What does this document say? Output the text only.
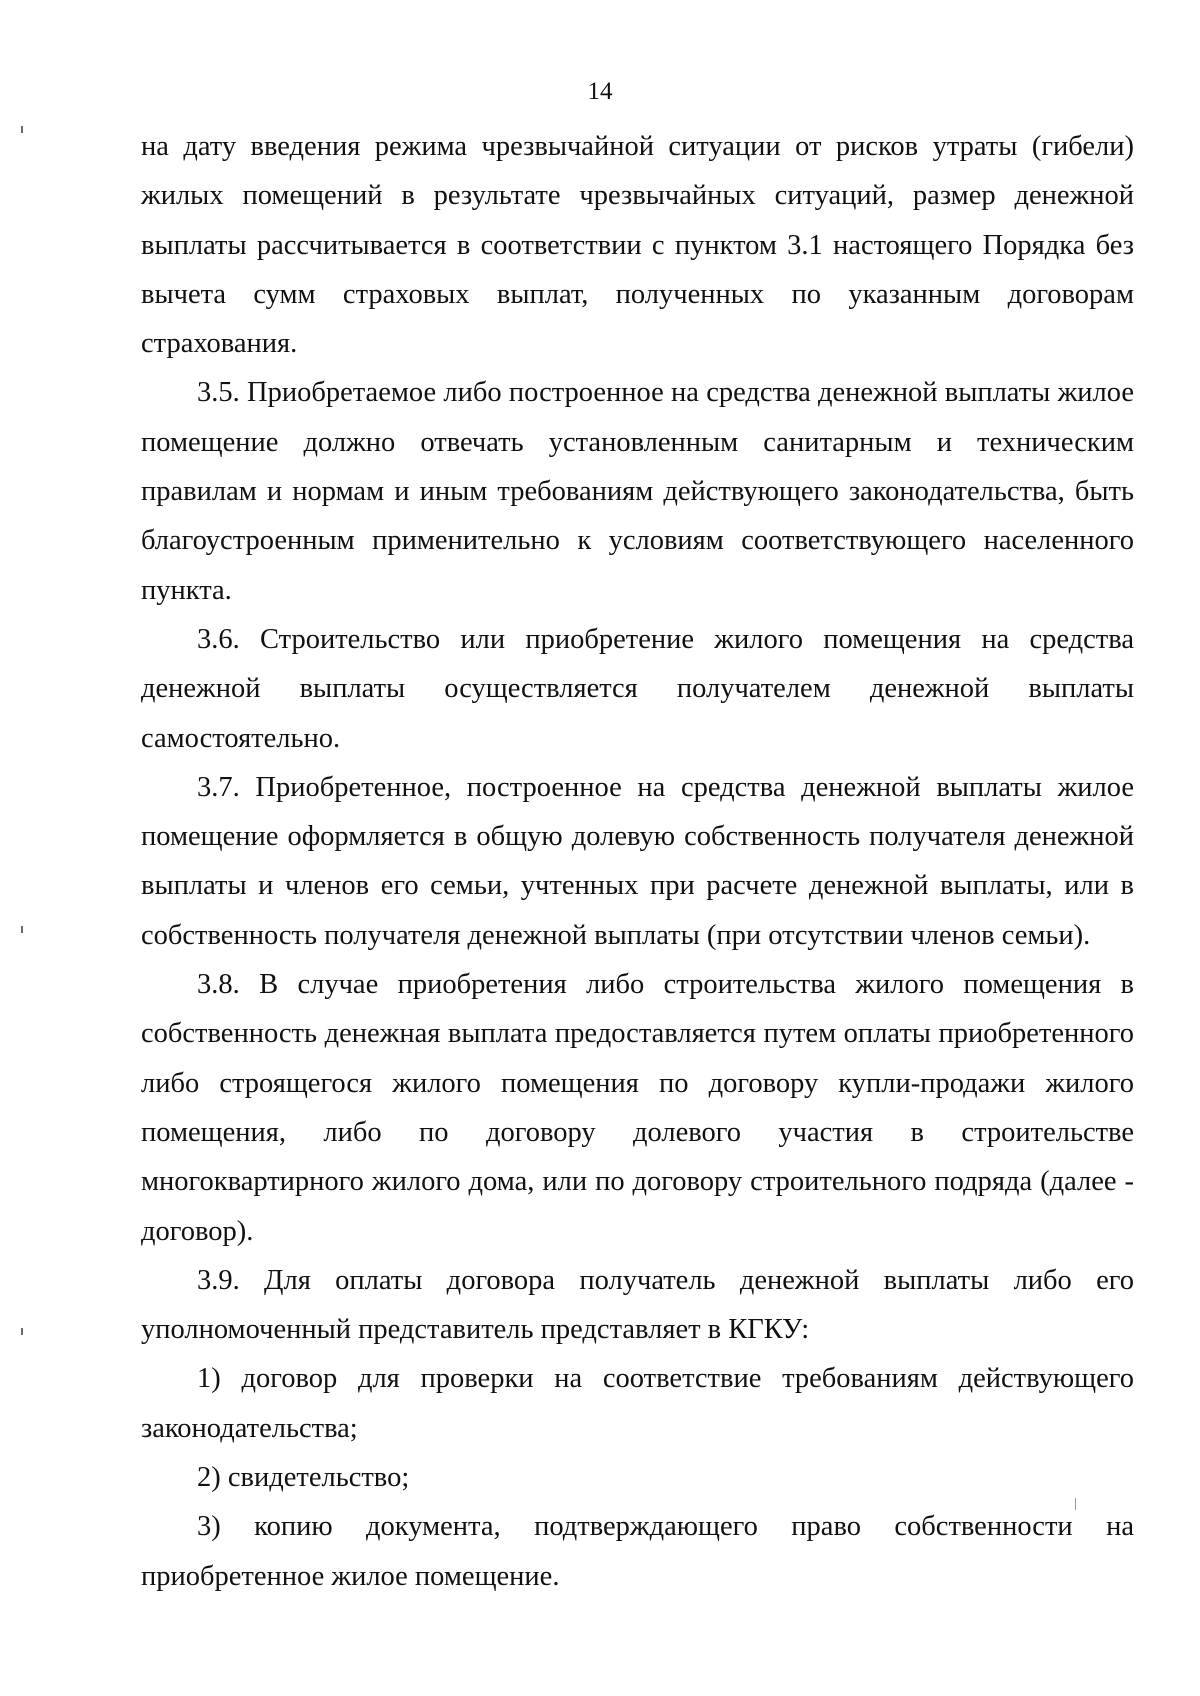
14

на дату введения режима чрезвычайной ситуации от рисков утраты (гибели) жилых помещений в результате чрезвычайных ситуаций, размер денежной выплаты рассчитывается в соответствии с пунктом 3.1 настоящего Порядка без вычета сумм страховых выплат, полученных по указанным договорам страхования.

3.5. Приобретаемое либо построенное на средства денежной выплаты жилое помещение должно отвечать установленным санитарным и техническим правилам и нормам и иным требованиям действующего законодательства, быть благоустроенным применительно к условиям соответствующего населенного пункта.

3.6. Строительство или приобретение жилого помещения на средства денежной выплаты осуществляется получателем денежной выплаты самостоятельно.

3.7. Приобретенное, построенное на средства денежной выплаты жилое помещение оформляется в общую долевую собственность получателя денежной выплаты и членов его семьи, учтенных при расчете денежной выплаты, или в собственность получателя денежной выплаты (при отсутствии членов семьи).

3.8. В случае приобретения либо строительства жилого помещения в собственность денежная выплата предоставляется путем оплаты приобретенного либо строящегося жилого помещения по договору купли-продажи жилого помещения, либо по договору долевого участия в строительстве многоквартирного жилого дома, или по договору строительного подряда (далее - договор).

3.9. Для оплаты договора получатель денежной выплаты либо его уполномоченный представитель представляет в КГКУ:

1) договор для проверки на соответствие требованиям действующего законодательства;

2) свидетельство;

3) копию документа, подтверждающего право собственности на приобретенное жилое помещение.
